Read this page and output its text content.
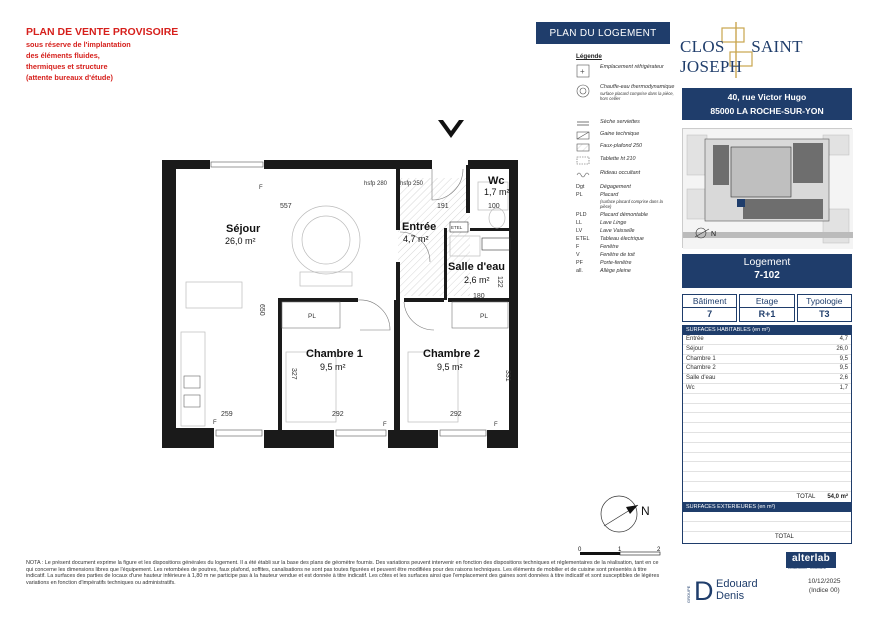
PLAN DE VENTE PROVISOIRE
sous réserve de l'implantation
des éléments fluides,
thermiques et structure
(attente bureaux d'étude)
Séjour
26,0 m²
Entrée
4,7 m²
Wc
1,7 m²
Salle d'eau
2,6 m²
Chambre 1
9,5 m²
Chambre 2
9,5 m²
hsfp 280 hsfp 250
PL	PL
ETEL
F
F	F	F
557	191	100
650
122
180
327	331
259	292	292
N
0	1	2
PLAN DU LOGEMENT
Légende
+	Emplacement réfrigérateur
Chauffe-eau thermodynamique
surface placard comprise dans la pièce, hors cellier
Sèche serviettes
Gaine technique
Faux-plafond 250
Tablette ht 210
Rideau occultant
Dgt	Dégagement
PL	Placard
(surface placard comprise dans la pièce)
PLD	Placard démontable
LL	Lave Linge
LV	Lave Vaisselle
ETEL	Tableau électrique
F	Fenêtre
V	Fenêtre de toit
PF	Porte-fenêtre
all.	Allège pleine
CLOS SAINT JOSEPH
40, rue Victor Hugo
85000 LA ROCHE-SUR-YON
N
Logement
7-102
Bâtiment
7
Etage
R+1
Typologie
T3
SURFACES HABITABLES (en m²)
Entrée	4,7
Séjour	26,0
Chambre 1	9,5
Chambre 2	9,5
Salle d'eau	2,6
Wc	1,7
TOTAL 54,0 m²
SURFACES EXTERIEURES (en m²)
TOTAL
NOTA : Le présent document exprime la figure et les dispositions générales du logement. Il a été établi sur la base des plans de géomètre fournis. Des variations peuvent intervenir en fonction des dispositions techniques et réglementaires de la réalisation, tant en ce qui concerne les dimensions libres que l'équipement. Les retombées de poutres, faux plafond, soffites, canalisations ne sont pas toutes figurées et peuvent être modifiées pour des raisons techniques. Les éléments de mobilier et de cuisine sont présentés à titre indicatif. La surfaces des parties de locaux d'une hauteur inférieure à 1,80 m ne participe pas à la hauteur vendue et est donnée à titre indicatif. Les côtes et les surfaces ainsi que l'emplacement des gaines sont données à titre indicatif et sont susceptibles de légères variations en fonction d'impératifs techniques ou administratifs.
alterlab
construction · urbanisme
GROUPE D Edouard
Denis
10/12/2025
(Indice 00)
